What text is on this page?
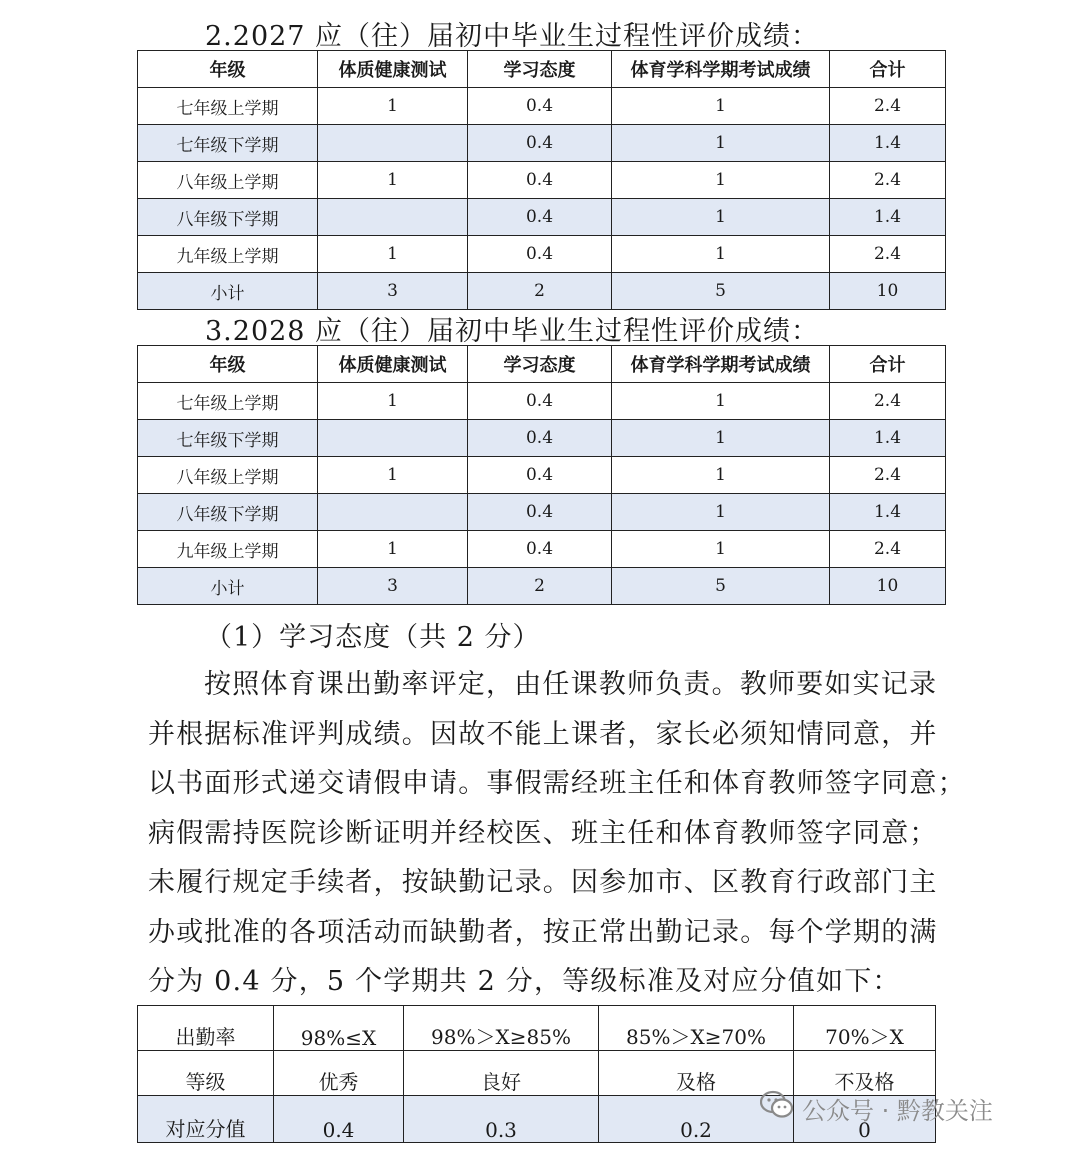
2.2027 应（往）届初中毕业生过程性评价成绩：
年级	体质健康测试	学习态度	体育学科学期考试成绩	合计
七年级上学期	1	0.4	1	2.4
七年级下学期		0.4	1	1.4
八年级上学期	1	0.4	1	2.4
八年级下学期		0.4	1	1.4
九年级上学期	1	0.4	1	2.4
小计	3	2	5	10
3.2028 应（往）届初中毕业生过程性评价成绩：
年级	体质健康测试	学习态度	体育学科学期考试成绩	合计
七年级上学期	1	0.4	1	2.4
七年级下学期		0.4	1	1.4
八年级上学期	1	0.4	1	2.4
八年级下学期		0.4	1	1.4
九年级上学期	1	0.4	1	2.4
小计	3	2	5	10
（1）学习态度（共 2 分）
按照体育课出勤率评定，由任课教师负责。教师要如实记录
并根据标准评判成绩。因故不能上课者，家长必须知情同意，并
以书面形式递交请假申请。事假需经班主任和体育教师签字同意；
病假需持医院诊断证明并经校医、班主任和体育教师签字同意；
未履行规定手续者，按缺勤记录。因参加市、区教育行政部门主
办或批准的各项活动而缺勤者，按正常出勤记录。每个学期的满
分为 0.4 分，5 个学期共 2 分，等级标准及对应分值如下：
出勤率	98%≤X	98%＞X≥85%	85%＞X≥70%	70%＞X
等级	优秀	良好	及格	不及格
对应分值	0.4	0.3	0.2	0
公众号 · 黔教关注
